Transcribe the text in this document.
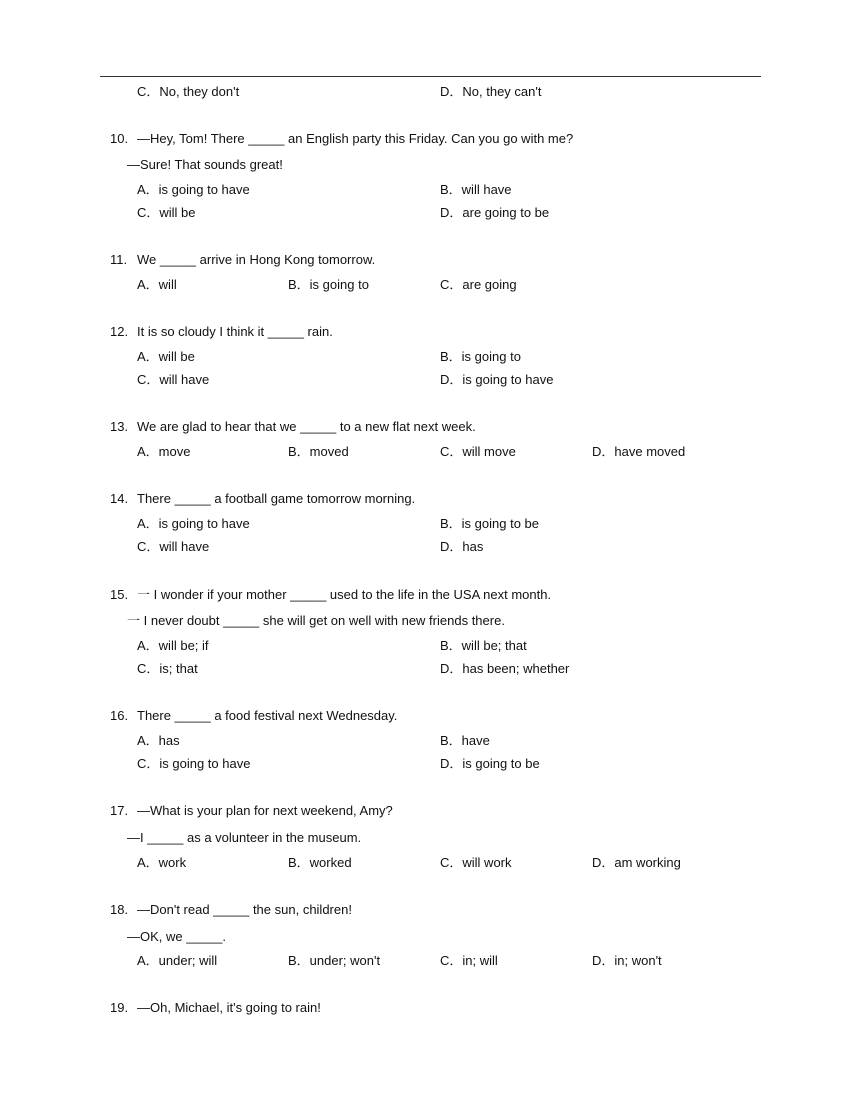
C．No, they don't	D．No, they can't
10. —Hey, Tom! There _____ an English party this Friday. Can you go with me?
—Sure! That sounds great!
A．is going to have	B．will have
C．will be	D．are going to be
11. We _____ arrive in Hong Kong tomorrow.
A．will	B．is going to	C．are going
12. It is so cloudy I think it _____ rain.
A．will be	B．is going to
C．will have	D．is going to have
13. We are glad to hear that we _____ to a new flat next week.
A．move	B．moved	C．will move	D．have moved
14. There _____ a football game tomorrow morning.
A．is going to have	B．is going to be
C．will have	D．has
15. 一 I wonder if your mother _____ used to the life in the USA next month.
一 I never doubt _____ she will get on well with new friends there.
A．will be; if	B．will be; that
C．is; that	D．has been; whether
16. There _____ a food festival next Wednesday.
A．has	B．have
C．is going to have	D．is going to be
17. —What is your plan for next weekend, Amy?
—I _____ as a volunteer in the museum.
A．work	B．worked	C．will work	D．am working
18. —Don't read _____ the sun, children!
—OK, we _____.
A．under; will	B．under; won't	C．in; will	D．in; won't
19. —Oh, Michael, it's going to rain!
